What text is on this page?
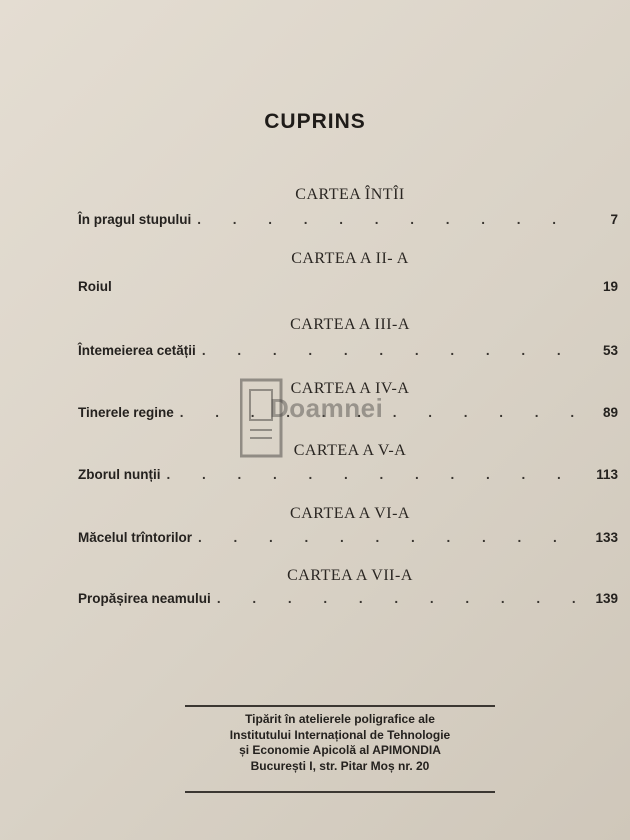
CUPRINS
CARTEA ÎNTÎI
În pragul stupului . . .	7
CARTEA A II- A
Roiul	19
CARTEA A III-A
Întemeierea cetății . . .	53
CARTEA A IV-A
Tinerele regine . . .	89
CARTEA A V-A
Zborul nunții . . .	113
CARTEA A VI-A
Măcelul trîntorilor . . .	133
CARTEA A VII-A
Propășirea neamului . . .	139
Doamnei
Tipărit în atelierele poligrafice ale
Institutului Internațional de Tehnologie
și Economie Apicolă al APIMONDIA
București I, str. Pitar Moș nr. 20
